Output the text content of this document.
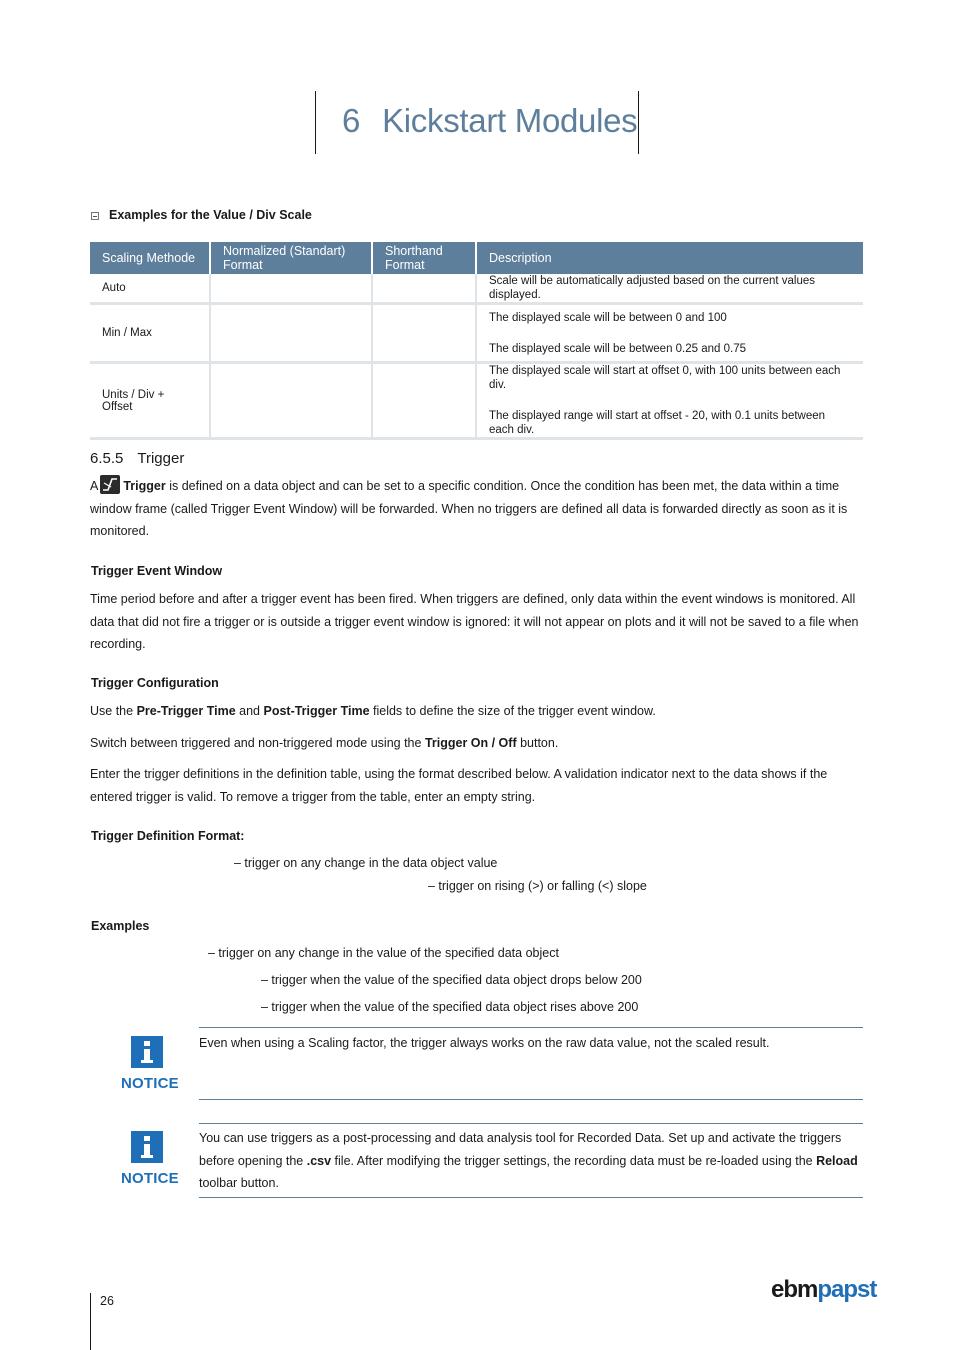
6 Kickstart Modules
Examples for the Value / Div Scale
Scaling Methode	Normalized (Standart) Format	Shorthand Format	Description
Auto			Scale will be automatically adjusted based on the current values displayed.

Min / Max			The displayed scale will be between 0 and 100
The displayed scale will be between 0.25 and 0.75

Units / Div + Offset			The displayed scale will start at offset 0, with 100 units between each div.
The displayed range will start at offset - 20, with 0.1 units between each div.
6.5.5 Trigger
A Trigger is defined on a data object and can be set to a specific condition. Once the condition has been met, the data within a time window frame (called Trigger Event Window) will be forwarded. When no triggers are defined all data is forwarded directly as soon as it is monitored.
Trigger Event Window
Time period before and after a trigger event has been fired. When triggers are defined, only data within the event windows is monitored. All data that did not fire a trigger or is outside a trigger event window is ignored: it will not appear on plots and it will not be saved to a file when recording.
Trigger Configuration
Use the Pre-Trigger Time and Post-Trigger Time fields to define the size of the trigger event window.
Switch between triggered and non-triggered mode using the Trigger On / Off button.
Enter the trigger definitions in the definition table, using the format described below. A validation indicator next to the data shows if the entered trigger is valid. To remove a trigger from the table, enter an empty string.
Trigger Definition Format:
– trigger on any change in the data object value
– trigger on rising (>) or falling (<) slope
Examples
– trigger on any change in the value of the specified data object
– trigger when the value of the specified data object drops below 200
– trigger when the value of the specified data object rises above 200
NOTICE
Even when using a Scaling factor, the trigger always works on the raw data value, not the scaled result.
NOTICE
You can use triggers as a post-processing and data analysis tool for Recorded Data. Set up and activate the triggers before opening the .csv file. After modifying the trigger settings, the recording data must be re-loaded using the Reload toolbar button.
26	ebmpapst
